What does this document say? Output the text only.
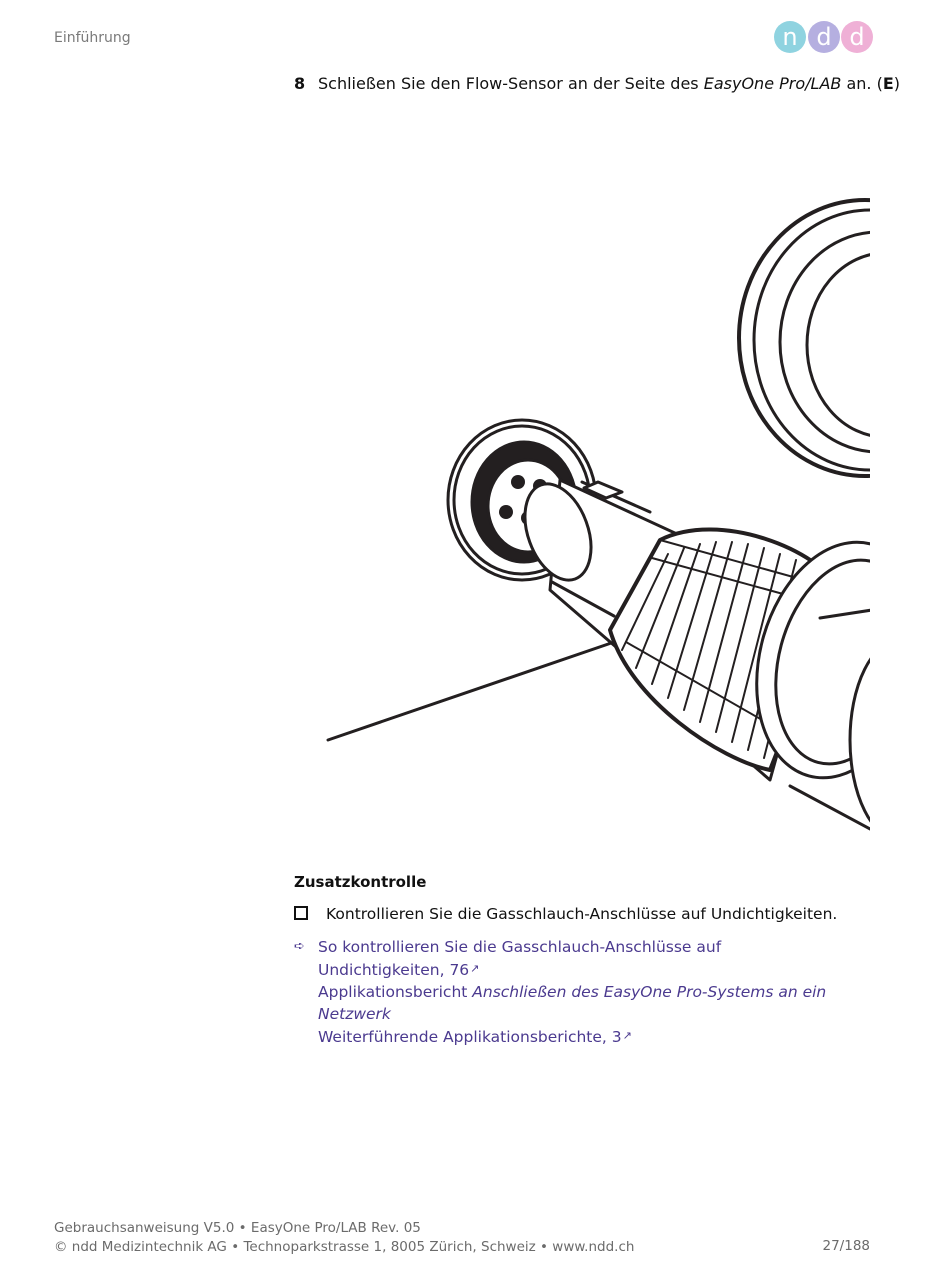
Einführung	n d d
8 Schließen Sie den Flow-Sensor an der Seite des EasyOne Pro/LAB an. (E)
Zusatzkontrolle
Kontrollieren Sie die Gasschlauch-Anschlüsse auf Undichtigkeiten.
➪ So kontrollieren Sie die Gasschlauch-Anschlüsse auf
Undichtigkeiten, 76↗
Applikationsbericht Anschließen des EasyOne Pro-Systems an ein
Netzwerk
Weiterführende Applikationsberichte, 3↗
Gebrauchsanweisung V5.0 • EasyOne Pro/LAB Rev. 05
© ndd Medizintechnik AG • Technoparkstrasse 1, 8005 Zürich, Schweiz • www.ndd.ch	27/188
